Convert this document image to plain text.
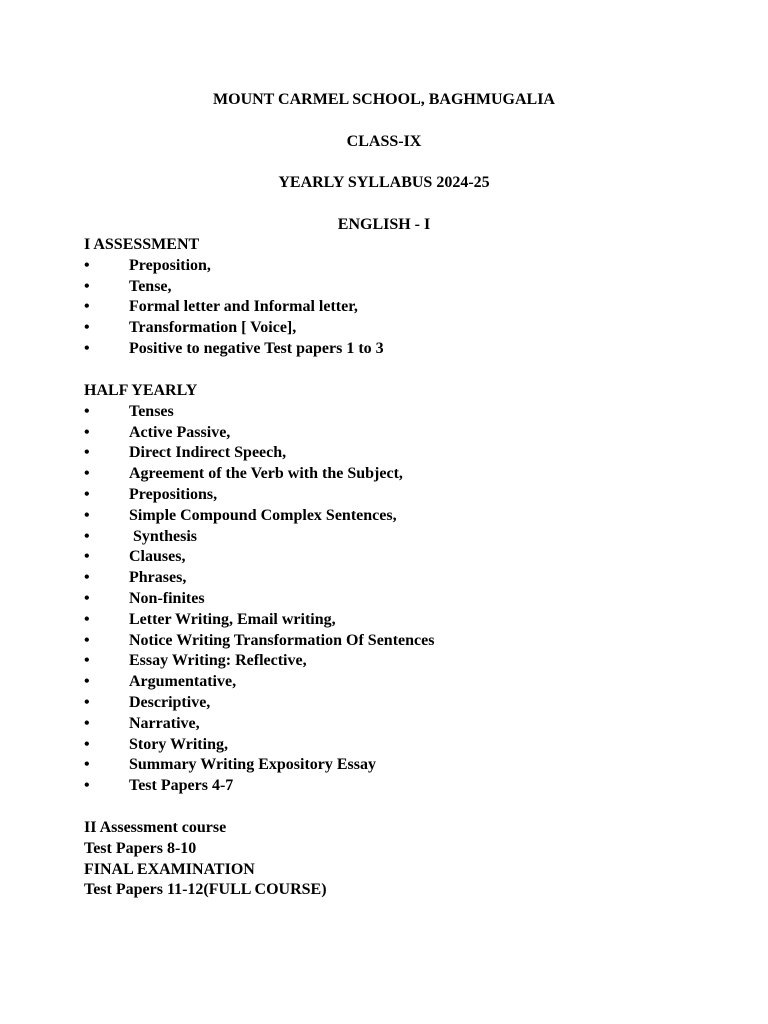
MOUNT CARMEL SCHOOL, BAGHMUGALIA
CLASS-IX
YEARLY SYLLABUS 2024-25
ENGLISH - I
I ASSESSMENT
• Preposition,
• Tense,
• Formal letter and Informal letter,
• Transformation [ Voice],
• Positive to negative Test papers 1 to 3
HALF YEARLY
• Tenses
• Active Passive,
• Direct Indirect Speech,
• Agreement of the Verb with the Subject,
• Prepositions,
• Simple Compound Complex Sentences,
• Synthesis
• Clauses,
• Phrases,
• Non-finites
• Letter Writing, Email writing,
• Notice Writing Transformation Of Sentences
• Essay Writing: Reflective,
• Argumentative,
• Descriptive,
• Narrative,
• Story Writing,
• Summary Writing Expository Essay
• Test Papers 4-7
II Assessment course
Test Papers 8-10
FINAL EXAMINATION
Test Papers 11-12(FULL COURSE)
